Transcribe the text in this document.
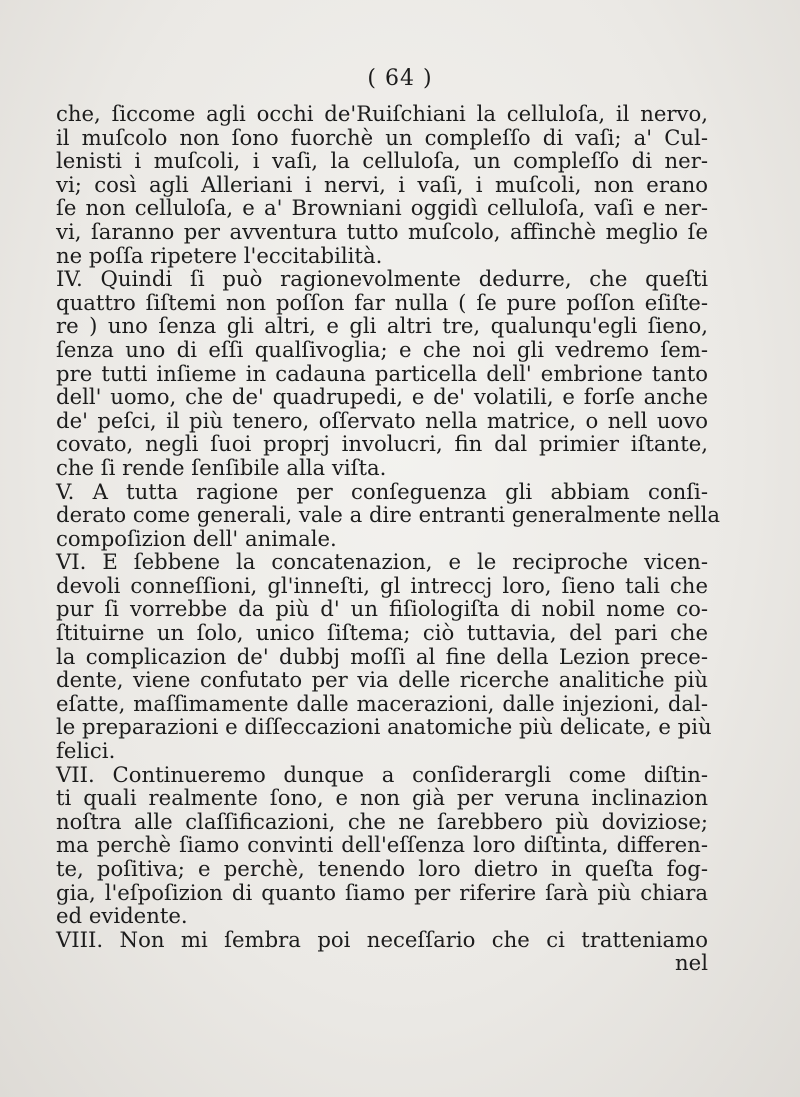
( 64 )
che, ſiccome agli occhi de'Ruiſchiani la celluloſa, il nervo,
il muſcolo non ſono fuorchè un compleſſo di vaſi; a' Cul-
lenisti i muſcoli, i vaſi, la celluloſa, un compleſſo di ner-
vi; così agli Alleriani i nervi, i vaſi, i muſcoli, non erano
ſe non celluloſa, e a' Browniani oggidì celluloſa, vaſi e ner-
vi, ſaranno per avventura tutto muſcolo, affinchè meglio ſe
ne poſſa ripetere l'eccitabilità.
IV. Quindi ſi può ragionevolmente dedurre, che queſti
quattro ſiſtemi non poſſon far nulla ( ſe pure poſſon eſiſte-
re ) uno ſenza gli altri, e gli altri tre, qualunqu'egli ſieno,
ſenza uno di eſſi qualſivoglia; e che noi gli vedremo ſem-
pre tutti inſieme in cadauna particella dell' embrione tanto
dell' uomo, che de' quadrupedi, e de' volatili, e forſe anche
de' peſci, il più tenero, oſſervato nella matrice, o nell uovo
covato, negli ſuoi proprj involucri, fin dal primier iſtante,
che ſi rende ſenſibile alla viſta.
V. A tutta ragione per conſeguenza gli abbiam conſi-
derato come generali, vale a dire entranti generalmente nella
compoſizion dell' animale.
VI. E ſebbene la concatenazion, e le reciproche vicen-
devoli conneſſioni, gl'inneſti, gl intreccj loro, ſieno tali che
pur ſi vorrebbe da più d' un fiſiologiſta di nobil nome co-
ſtituirne un ſolo, unico ſiſtema; ciò tuttavia, del pari che
la complicazion de' dubbj moſſi al fine della Lezion prece-
dente, viene confutato per via delle ricerche analitiche più
eſatte, maſſimamente dalle macerazioni, dalle injezioni, dal-
le preparazioni e diſſeccazioni anatomiche più delicate, e più
felici.
VII. Continueremo dunque a conſiderargli come diſtin-
ti quali realmente ſono, e non già per veruna inclinazion
noſtra alle claſſificazioni, che ne ſarebbero più doviziose;
ma perchè ſiamo convinti dell'eſſenza loro diſtinta, differen-
te, poſitiva; e perchè, tenendo loro dietro in queſta fog-
gia, l'eſpoſizion di quanto ſiamo per riferire ſarà più chiara
ed evidente.
VIII. Non mi ſembra poi neceſſario che ci tratteniamo
nel
